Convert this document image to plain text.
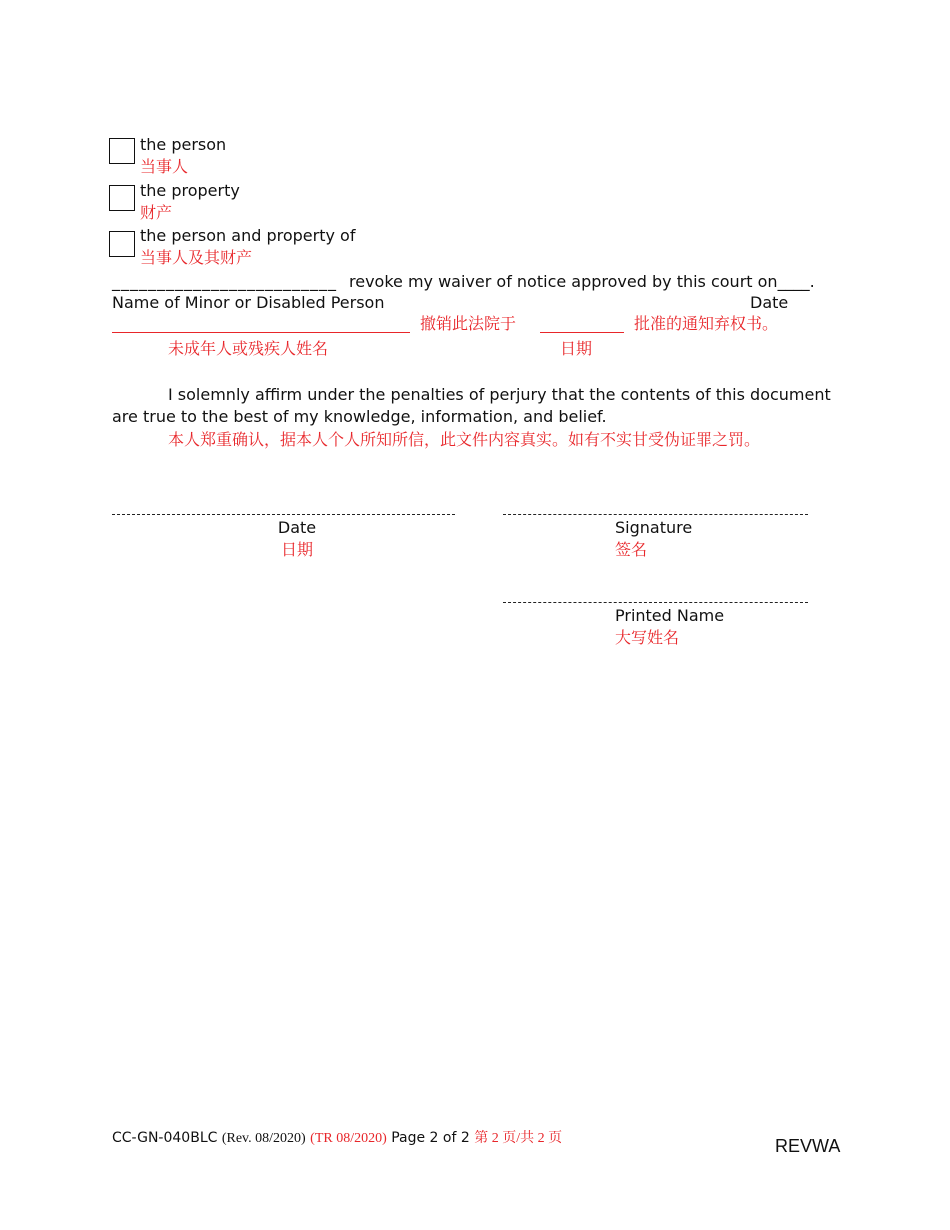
the person
当事人
the property
财产
the person and property of
当事人及其财产
_________________________ revoke my waiver of notice approved by this court on____.
Name of Minor or Disabled Person	Date
撤销此法院于	批准的通知弃权书。
未成年人或残疾人姓名	日期
I solemnly affirm under the penalties of perjury that the contents of this document are true to the best of my knowledge, information, and belief.
本人郑重确认，据本人个人所知所信，此文件内容真实。如有不实甘受伪证罪之罚。
Date
日期
Signature
签名
Printed Name
大写姓名
CC-GN-040BLC (Rev. 08/2020) (TR 08/2020) Page 2 of 2 第 2 页/共 2 页	REVWA
